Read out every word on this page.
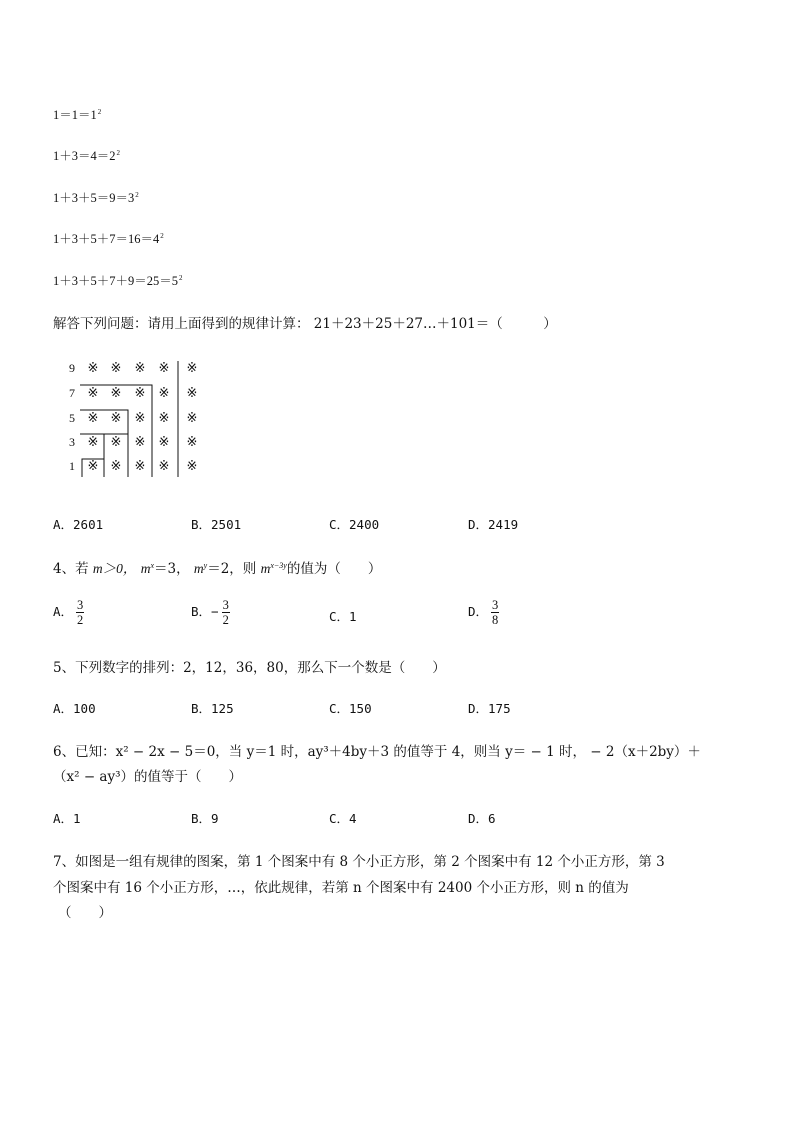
$1=1=1^2$
$1+3=4=2^2$
$1+3+5=9=3^2$
$1+3+5+7=16=4^2$
$1+3+5+7+9=25=5^2$
解答下列问题：请用上面得到的规律计算： 21＋23＋25＋27…＋101＝（　　　）
9
7
5
3
1
※ ※ ※ ※ ※
※ ※ ※ ※ ※
※ ※ ※ ※ ※
※ ※ ※ ※ ※
※ ※ ※ ※ ※
A．2601	B．2501	C．2400	D．2419
4、若 m＞0， $m^x=3$， $m^y=2$，则 $m^{x-3y}$的值为（　　）
A． $\frac{3}{2}$	B．− $\frac{3}{2}$	C．1	D． $\frac{3}{8}$
5、下列数字的排列：2，12，36，80，那么下一个数是（　　）
A．100	B．125	C．150	D．175
6、已知：x² − 2x − 5＝0，当 y＝1 时，ay³＋4by＋3 的值等于 4，则当 y＝ − 1 时， − 2（x＋2by）＋
（x² − ay³）的值等于（　　）
A．1	B．9	C．4	D．6
7、如图是一组有规律的图案，第 1 个图案中有 8 个小正方形，第 2 个图案中有 12 个小正方形，第 3
个图案中有 16 个小正方形，…，依此规律，若第 n 个图案中有 2400 个小正方形，则 n 的值为
（　　）
